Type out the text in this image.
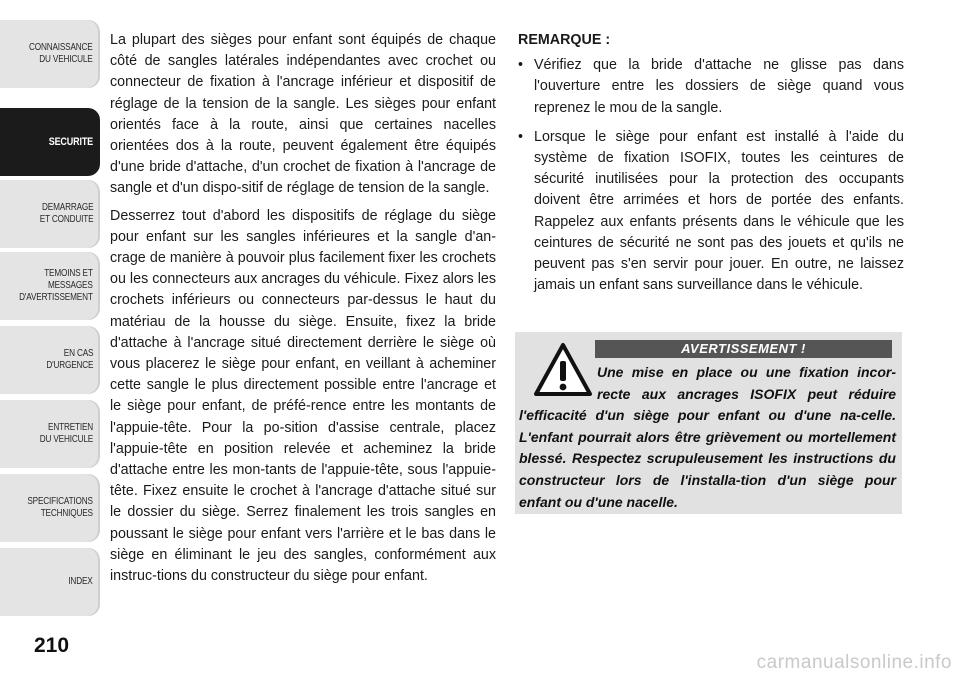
CONNAISSANCE
DU VEHICULE
SECURITE
DEMARRAGE
ET CONDUITE
TEMOINS ET
MESSAGES
D'AVERTISSEMENT
EN CAS
D'URGENCE
ENTRETIEN
DU VEHICULE
SPECIFICATIONS
TECHNIQUES
INDEX
210

La plupart des sièges pour enfant sont équipés de chaque côté de sangles latérales indépendantes avec crochet ou connecteur de fixation à l'ancrage inférieur et dispositif de réglage de la tension de la sangle. Les sièges pour enfant orientés face à la route, ainsi que certaines nacelles orientées dos à la route, peuvent également être équipés d'une bride d'attache, d'un crochet de fixation à l'ancrage de sangle et d'un dispo-sitif de réglage de tension de la sangle.

Desserrez tout d'abord les dispositifs de réglage du siège pour enfant sur les sangles inférieures et la sangle d'an-crage de manière à pouvoir plus facilement fixer les crochets ou les connecteurs aux ancrages du véhicule. Fixez alors les crochets inférieurs ou connecteurs par-dessus le haut du matériau de la housse du siège. Ensuite, fixez la bride d'attache à l'ancrage situé directement derrière le siège où vous placerez le siège pour enfant, en veillant à acheminer cette sangle le plus directement possible entre l'ancrage et le siège pour enfant, de préfé-rence entre les montants de l'appuie-tête. Pour la po-sition d'assise centrale, placez l'appuie-tête en position relevée et acheminez la bride d'attache entre les mon-tants de l'appuie-tête, sous l'appuie-tête. Fixez ensuite le crochet à l'ancrage d'attache situé sur le dossier du siège. Serrez finalement les trois sangles en poussant le siège pour enfant vers l'arrière et le bas dans le siège en éliminant le jeu des sangles, conformément aux instruc-tions du constructeur du siège pour enfant.

REMARQUE :
• Vérifiez que la bride d'attache ne glisse pas dans l'ouverture entre les dossiers de siège quand vous reprenez le mou de la sangle.
• Lorsque le siège pour enfant est installé à l'aide du système de fixation ISOFIX, toutes les ceintures de sécurité inutilisées pour la protection des occupants doivent être arrimées et hors de portée des enfants. Rappelez aux enfants présents dans le véhicule que les ceintures de sécurité ne sont pas des jouets et qu'ils ne peuvent pas s'en servir pour jouer. En outre, ne laissez jamais un enfant sans surveillance dans le véhicule.
AVERTISSEMENT !
Une mise en place ou une fixation incor-recte aux ancrages ISOFIX peut réduire l'efficacité d'un siège pour enfant ou d'une na-celle. L'enfant pourrait alors être grièvement ou mortellement blessé. Respectez scrupuleusement les instructions du constructeur lors de l'installa-tion d'un siège pour enfant ou d'une nacelle.
carmanualsonline.info
